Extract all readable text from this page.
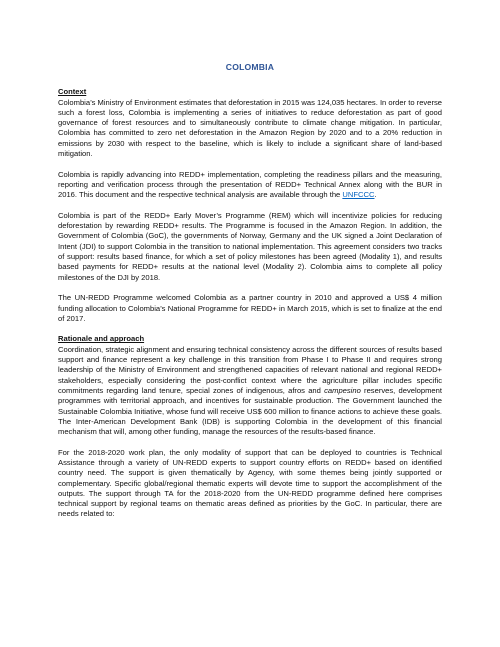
COLOMBIA
Context

Colombia’s Ministry of Environment estimates that deforestation in 2015 was 124,035 hectares. In order to reverse such a forest loss, Colombia is implementing a series of initiatives to reduce deforestation as part of good governance of forest resources and to simultaneously contribute to climate change mitigation. In particular, Colombia has committed to zero net deforestation in the Amazon Region by 2020 and to a 20% reduction in emissions by 2030 with respect to the baseline, which is likely to include a significant share of land-based mitigation.

Colombia is rapidly advancing into REDD+ implementation, completing the readiness pillars and the measuring, reporting and verification process through the presentation of REDD+ Technical Annex along with the BUR in 2016. This document and the respective technical analysis are available through the UNFCCC.

Colombia is part of the REDD+ Early Mover’s Programme (REM) which will incentivize policies for reducing deforestation by rewarding REDD+ results. The Programme is focused in the Amazon Region. In addition, the Government of Colombia (GoC), the governments of Norway, Germany and the UK signed a Joint Declaration of Intent (JDI) to support Colombia in the transition to national implementation. This agreement considers two tracks of support: results based finance, for which a set of policy milestones has been agreed (Modality 1), and results based payments for REDD+ results at the national level (Modality 2). Colombia aims to complete all policy milestones of the DJI by 2018.

The UN-REDD Programme welcomed Colombia as a partner country in 2010 and approved a US$ 4 million funding allocation to Colombia’s National Programme for REDD+ in March 2015, which is set to finalize at the end of 2017.

Rationale and approach

Coordination, strategic alignment and ensuring technical consistency across the different sources of results based support and finance represent a key challenge in this transition from Phase I to Phase II and requires strong leadership of the Ministry of Environment and strengthened capacities of relevant national and regional REDD+ stakeholders, especially considering the post-conflict context where the agriculture pillar includes specific commitments regarding land tenure, special zones of indigenous, afros and campesino reserves, development programmes with territorial approach, and incentives for sustainable production. The Government launched the Sustainable Colombia Initiative, whose fund will receive US$ 600 million to finance actions to achieve these goals. The Inter-American Development Bank (IDB) is supporting Colombia in the development of this financial mechanism that will, among other funding, manage the resources of the results-based finance.

For the 2018-2020 work plan, the only modality of support that can be deployed to countries is Technical Assistance through a variety of UN-REDD experts to support country efforts on REDD+ based on identified country need. The support is given thematically by Agency, with some themes being jointly supported or complementary. Specific global/regional thematic experts will devote time to support the accomplishment of the outputs. The support through TA for the 2018-2020 from the UN-REDD programme defined here comprises technical support by regional teams on thematic areas defined as priorities by the GoC. In particular, there are needs related to:
